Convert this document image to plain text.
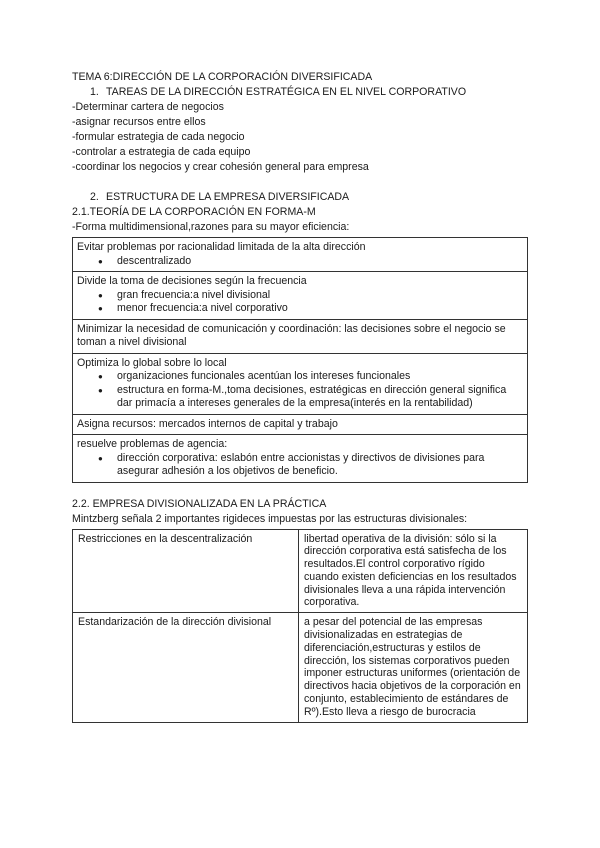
TEMA 6:DIRECCIÓN DE LA CORPORACIÓN DIVERSIFICADA
1. TAREAS DE LA DIRECCIÓN ESTRATÉGICA EN EL NIVEL CORPORATIVO
-Determinar cartera de negocios
-asignar recursos entre ellos
-formular estrategia de cada negocio
-controlar a estrategia de cada equipo
-coordinar los negocios y crear cohesión general para empresa
2. ESTRUCTURA DE LA EMPRESA DIVERSIFICADA
2.1.TEORÍA DE LA CORPORACIÓN EN FORMA-M
-Forma multidimensional,razones para su mayor eficiencia:
Evitar problemas por racionalidad limitada de la alta dirección
● descentralizado

Divide la toma de decisiones según la frecuencia
● gran frecuencia:a nivel divisional
● menor frecuencia:a nivel corporativo

Minimizar la necesidad de comunicación y coordinación: las decisiones sobre el negocio se toman a nivel divisional

Optimiza lo global sobre lo local
● organizaciones funcionales acentúan los intereses funcionales
● estructura en forma-M.,toma decisiones, estratégicas en dirección general significa dar primacía a intereses generales de la empresa(interés en la rentabilidad)

Asigna recursos: mercados internos de capital y trabajo

resuelve problemas de agencia:
● dirección corporativa: eslabón entre accionistas y directivos de divisiones para asegurar adhesión a los objetivos de beneficio.
2.2. EMPRESA DIVISIONALIZADA EN LA PRÁCTICA
Mintzberg señala 2 importantes rigideces impuestas por las estructuras divisionales:
Restricciones en la descentralización	libertad operativa de la división: sólo si la dirección corporativa está satisfecha de los resultados.El control corporativo rígido cuando existen deficiencias en los resultados divisionales lleva a una rápida intervención corporativa.
Estandarización de la dirección divisional	a pesar del potencial de las empresas divisionalizadas en estrategias de diferenciación,estructuras y estilos de dirección, los sistemas corporativos pueden imponer estructuras uniformes (orientación de directivos hacia objetivos de la corporación en conjunto, establecimiento de estándares de Rº).Esto lleva a riesgo de burocracia
